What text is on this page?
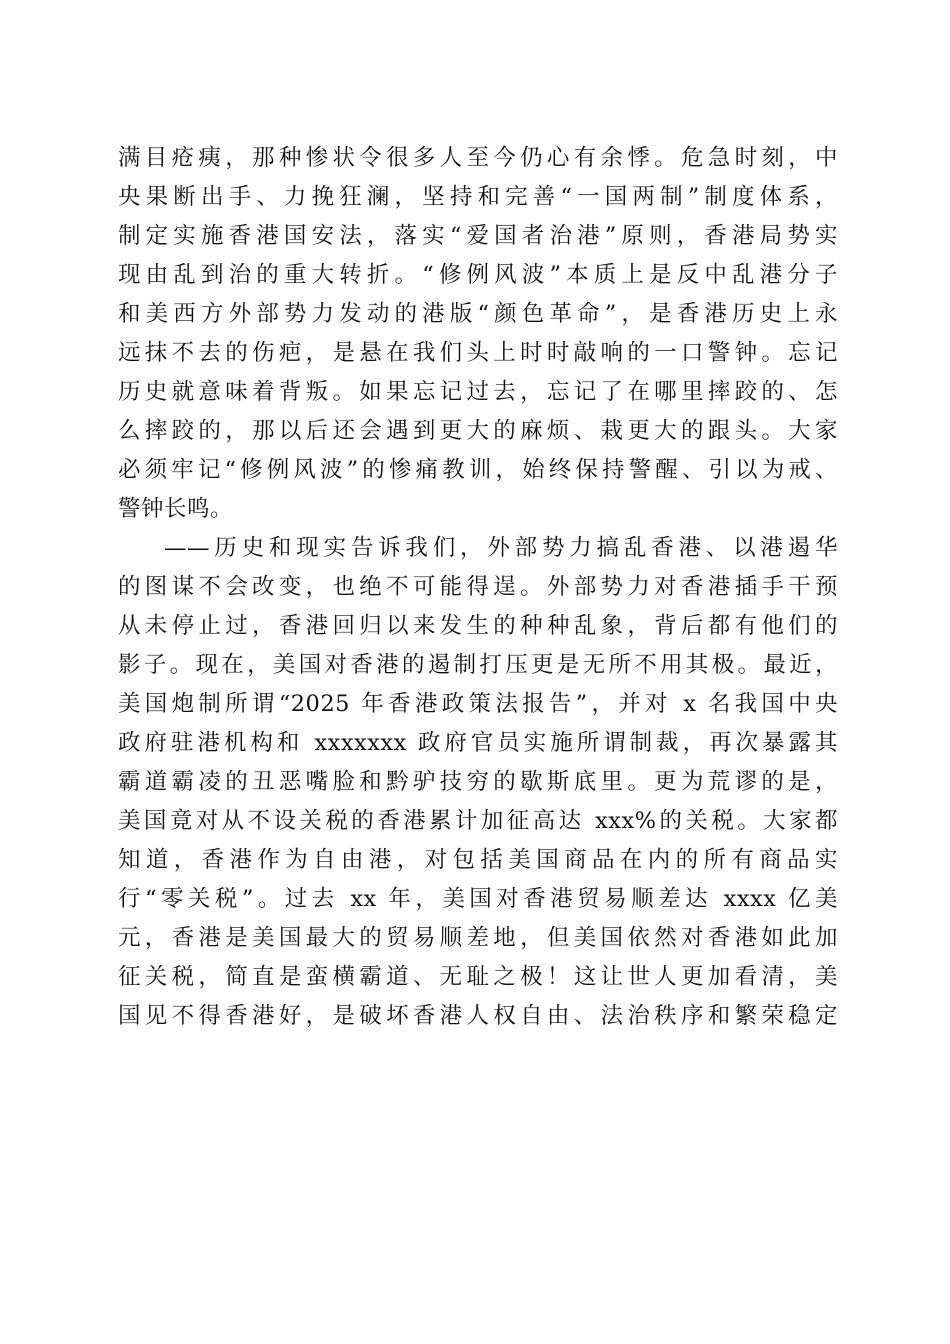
满目疮痍，那种惨状令很多人至今仍心有余悸。危急时刻，中
央果断出手、力挽狂澜，坚持和完善“一国两制”制度体系，
制定实施香港国安法，落实“爱国者治港”原则，香港局势实
现由乱到治的重大转折。“修例风波”本质上是反中乱港分子
和美西方外部势力发动的港版“颜色革命”，是香港历史上永
远抹不去的伤疤，是悬在我们头上时时敲响的一口警钟。忘记
历史就意味着背叛。如果忘记过去，忘记了在哪里摔跤的、怎
么摔跤的，那以后还会遇到更大的麻烦、栽更大的跟头。大家
必须牢记“修例风波”的惨痛教训，始终保持警醒、引以为戒、
警钟长鸣。
——历史和现实告诉我们，外部势力搞乱香港、以港遏华
的图谋不会改变，也绝不可能得逞。外部势力对香港插手干预
从未停止过，香港回归以来发生的种种乱象，背后都有他们的
影子。现在，美国对香港的遏制打压更是无所不用其极。最近，
美国炮制所谓“2025 年香港政策法报告”，并对 x 名我国中央
政府驻港机构和 xxxxxxx 政府官员实施所谓制裁，再次暴露其
霸道霸凌的丑恶嘴脸和黔驴技穷的歇斯底里。更为荒谬的是，
美国竟对从不设关税的香港累计加征高达 xxx%的关税。大家都
知道，香港作为自由港，对包括美国商品在内的所有商品实
行“零关税”。过去 xx 年，美国对香港贸易顺差达 xxxx 亿美
元，香港是美国最大的贸易顺差地，但美国依然对香港如此加
征关税，简直是蛮横霸道、无耻之极！这让世人更加看清，美
国见不得香港好，是破坏香港人权自由、法治秩序和繁荣稳定
